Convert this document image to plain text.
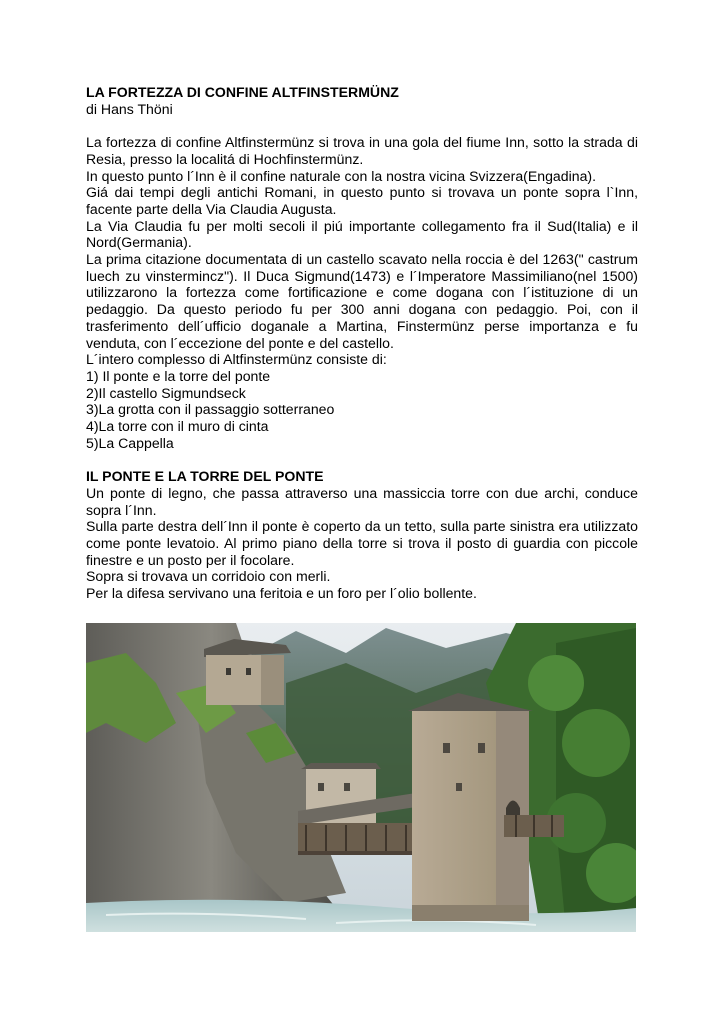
LA FORTEZZA DI CONFINE ALTFINSTERMÜNZ

di Hans Thöni

La fortezza di confine Altfinstermünz si trova in una gola del fiume Inn, sotto la strada di Resia, presso la localitá di Hochfinstermünz.

In questo punto l´Inn è il confine naturale con la nostra vicina Svizzera(Engadina).

Giá dai tempi degli antichi Romani, in questo punto si trovava un ponte sopra l`Inn, facente parte della Via Claudia Augusta.

La Via Claudia fu per molti secoli il piú importante collegamento fra il Sud(Italia) e il Nord(Germania).

La prima citazione documentata di un castello scavato nella roccia è del 1263(" castrum luech zu vinstermincz"). Il Duca Sigmund(1473) e l´Imperatore Massimiliano(nel 1500) utilizzarono la fortezza come fortificazione e come dogana con l´istituzione di un pedaggio. Da questo periodo fu per 300 anni dogana con pedaggio. Poi, con il trasferimento dell´ufficio doganale a Martina, Finstermünz perse importanza e fu venduta, con l´eccezione del ponte e del castello.

L´intero complesso di Altfinstermünz consiste di:

1) Il ponte e la torre del ponte
2)Il castello Sigmundseck
3)La grotta con il passaggio sotterraneo
4)La torre con il muro di cinta
5)La Cappella

IL PONTE E LA TORRE DEL PONTE

Un ponte di legno, che passa attraverso una massiccia torre con due archi, conduce sopra l´Inn.

Sulla parte destra dell´Inn il ponte è coperto da un tetto, sulla parte sinistra era utilizzato come ponte levatoio. Al primo piano della torre si trova il posto di guardia con piccole finestre e un posto per il focolare.

Sopra si trovava un corridoio con merli.

Per la difesa servivano una feritoia e un foro per l´olio bollente.
